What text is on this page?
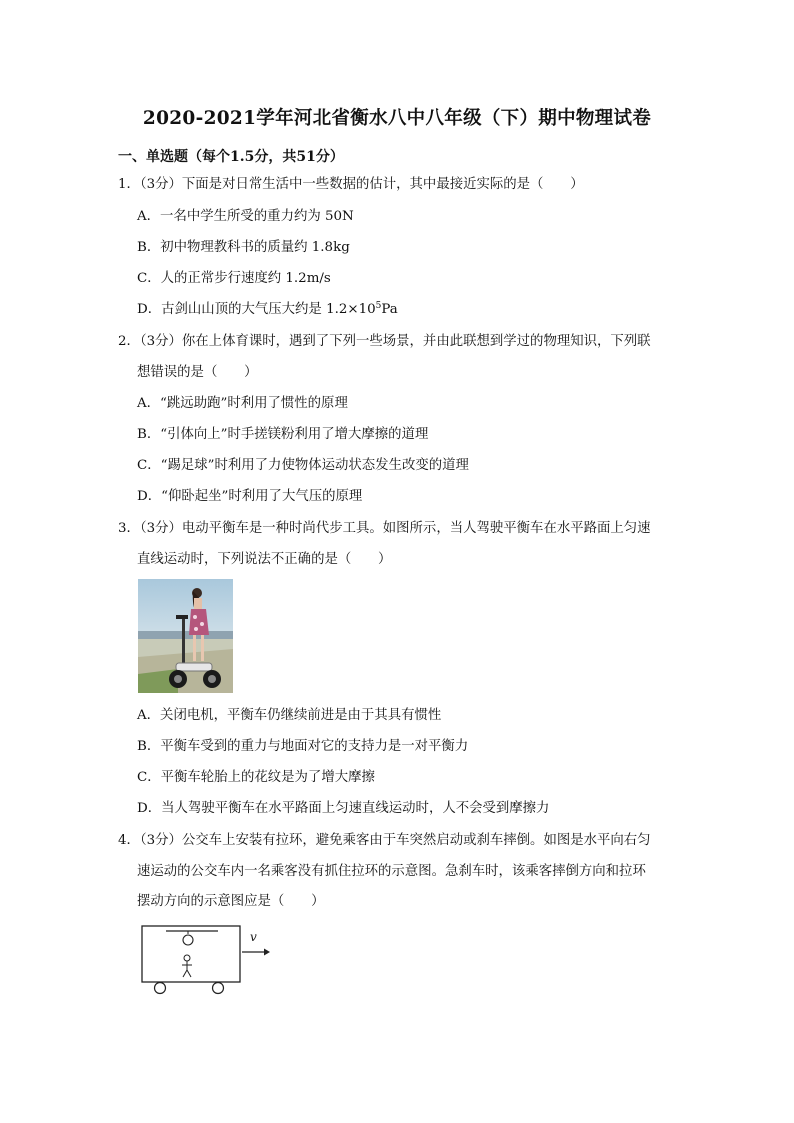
2020-2021学年河北省衡水八中八年级（下）期中物理试卷
一、单选题（每个1.5分，共51分）
1．（3分）下面是对日常生活中一些数据的估计，其中最接近实际的是（　　）
A．一名中学生所受的重力约为 50N
B．初中物理教科书的质量约 1.8kg
C．人的正常步行速度约 1.2m/s
D．古剑山山顶的大气压大约是 $1.2\times 10^5Pa$
2．（3分）你在上体育课时，遇到了下列一些场景，并由此联想到学过的物理知识，下列联
想错误的是（　　）
A．“跳远助跑”时利用了惯性的原理
B．“引体向上”时手搓镁粉利用了增大摩擦的道理
C．“踢足球”时利用了力使物体运动状态发生改变的道理
D．“仰卧起坐”时利用了大气压的原理
3．（3分）电动平衡车是一种时尚代步工具。如图所示，当人驾驶平衡车在水平路面上匀速
直线运动时，下列说法不正确的是（　　）
A．关闭电机，平衡车仍继续前进是由于其具有惯性
B．平衡车受到的重力与地面对它的支持力是一对平衡力
C．平衡车轮胎上的花纹是为了增大摩擦
D．当人驾驶平衡车在水平路面上匀速直线运动时，人不会受到摩擦力
4．（3分）公交车上安装有拉环，避免乘客由于车突然启动或刹车摔倒。如图是水平向右匀
速运动的公交车内一名乘客没有抓住拉环的示意图。急刹车时，该乘客摔倒方向和拉环
摆动方向的示意图应是（　　）
v
